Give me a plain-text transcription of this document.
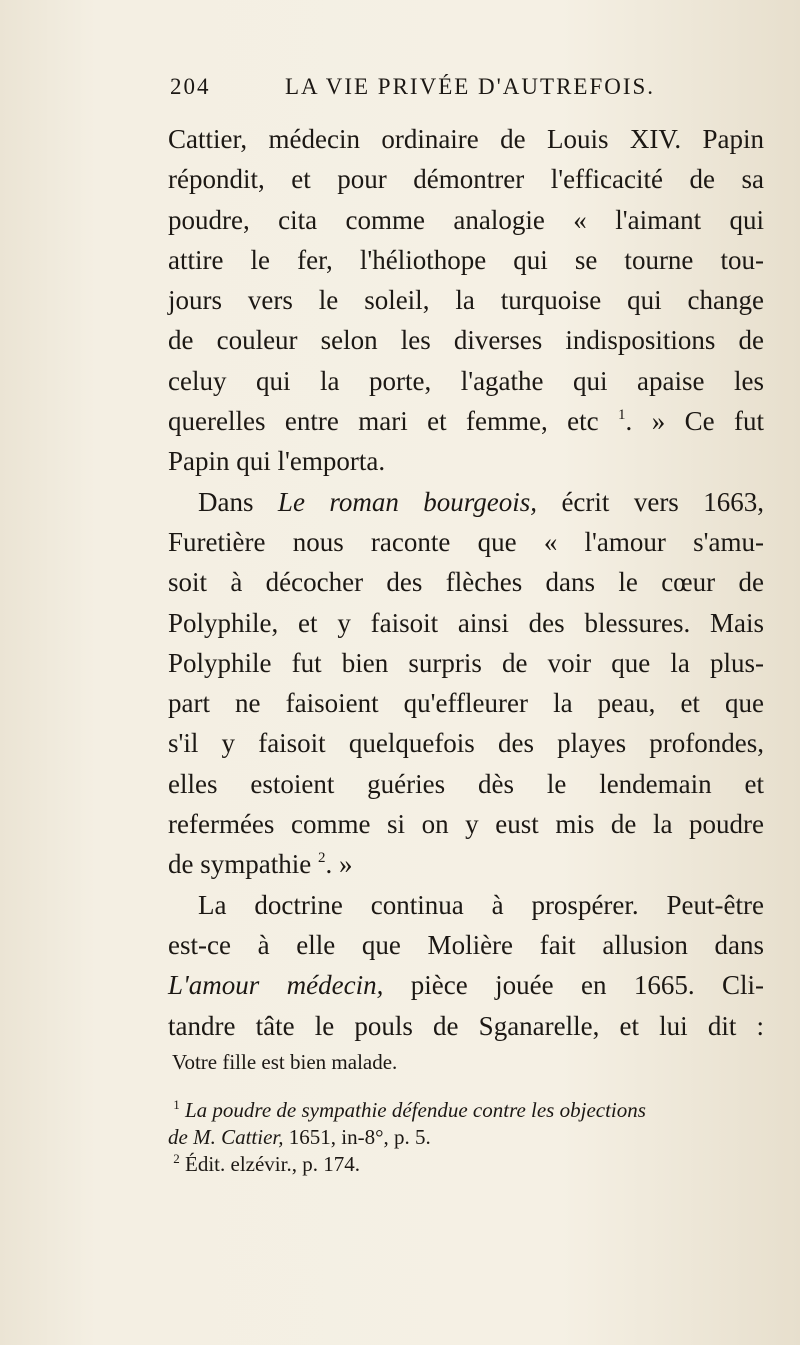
204	LA VIE PRIVÉE D'AUTREFOIS.
Cattier, médecin ordinaire de Louis XIV. Papin
répondit, et pour démontrer l'efficacité de sa
poudre, cita comme analogie « l'aimant qui
attire le fer, l'héliothope qui se tourne tou-
jours vers le soleil, la turquoise qui change
de couleur selon les diverses indispositions de
celuy qui la porte, l'agathe qui apaise les
querelles entre mari et femme, etc $^1$. » Ce fut
Papin qui l'emporta.
Dans Le roman bourgeois, écrit vers 1663,
Furetière nous raconte que « l'amour s'amu-
soit à décocher des flèches dans le cœur de
Polyphile, et y faisoit ainsi des blessures. Mais
Polyphile fut bien surpris de voir que la plus-
part ne faisoient qu'effleurer la peau, et que
s'il y faisoit quelquefois des playes profondes,
elles estoient guéries dès le lendemain et
refermées comme si on y eust mis de la poudre
de sympathie $^2$. »
La doctrine continua à prospérer. Peut-être
est-ce à elle que Molière fait allusion dans
L'amour médecin, pièce jouée en 1665. Cli-
tandre tâte le pouls de Sganarelle, et lui dit :
Votre fille est bien malade.
$^1$ La poudre de sympathie défendue contre les objections
de M. Cattier, 1651, in-8°, p. 5.
$^2$ Édit. elzévir., p. 174.
